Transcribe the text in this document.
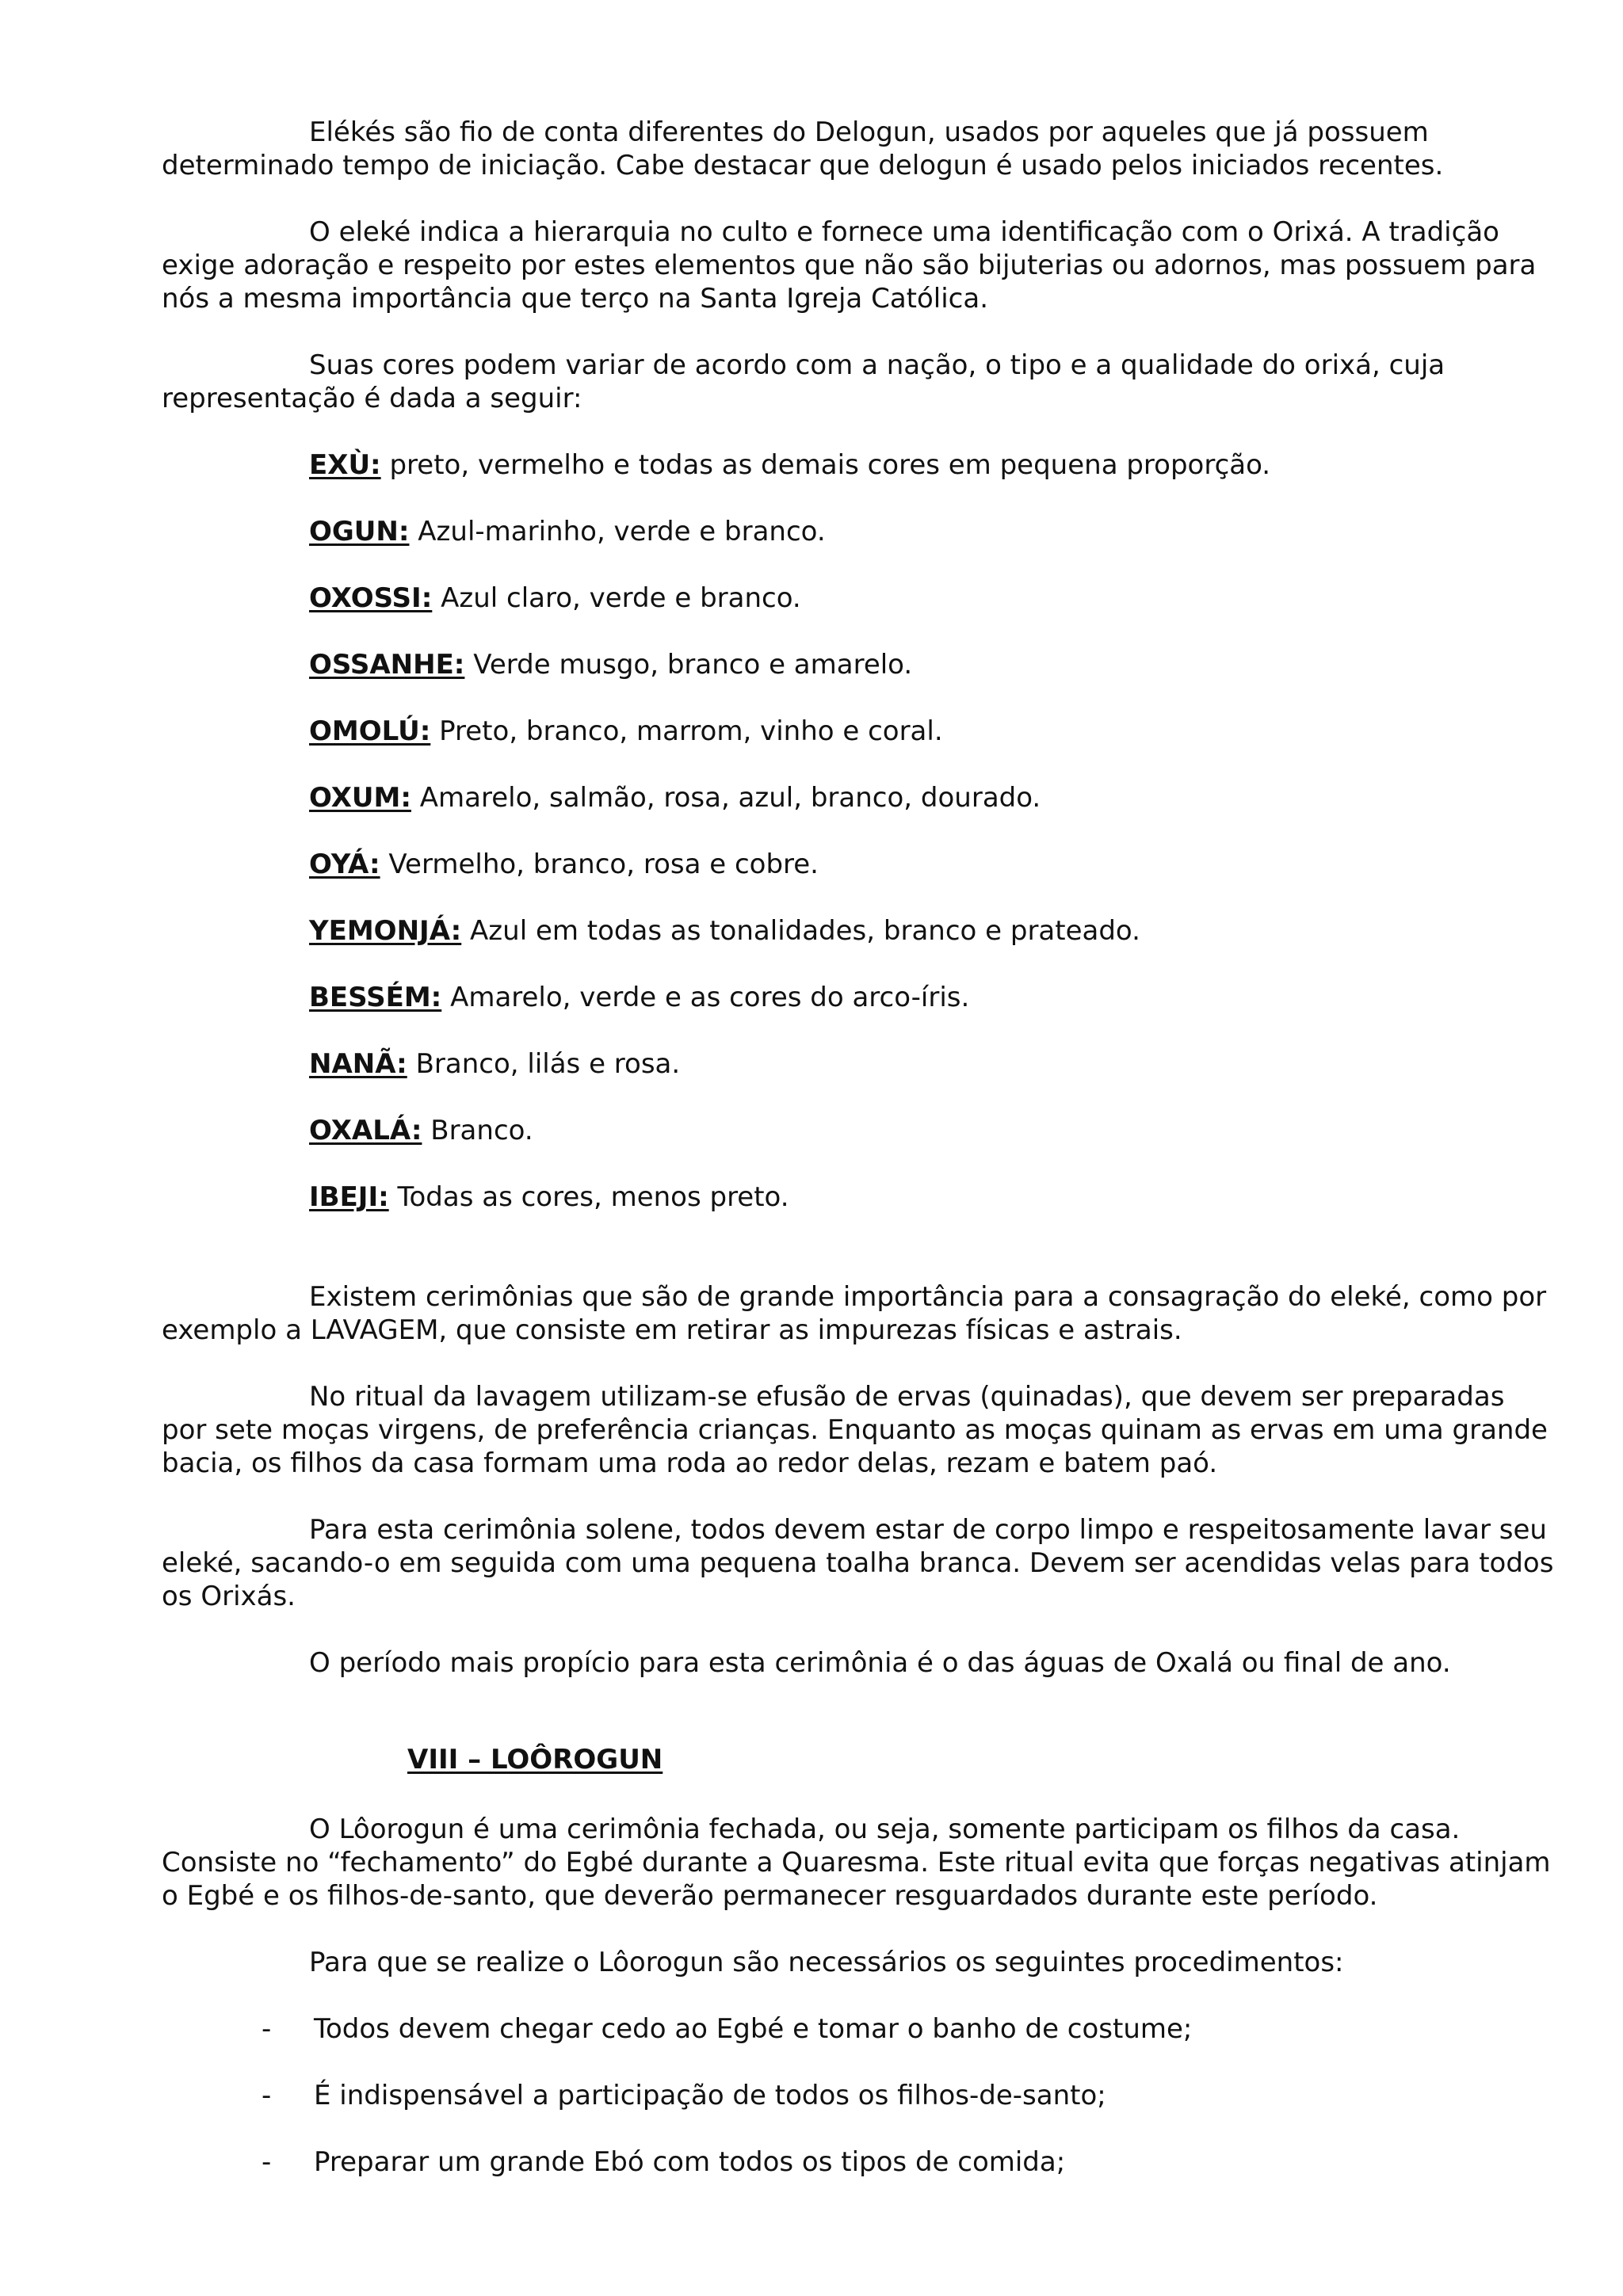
Elékés são fio de conta diferentes do Delogun, usados por aqueles que já possuem determinado tempo de iniciação. Cabe destacar que delogun é usado pelos iniciados recentes.

O eleké indica a hierarquia no culto e fornece uma identificação com o Orixá. A tradição exige adoração e respeito por estes elementos que não são bijuterias ou adornos, mas possuem para nós a mesma importância que terço na Santa Igreja Católica.

Suas cores podem variar de acordo com a nação, o tipo e a qualidade do orixá, cuja representação é dada a seguir:

EXÙ: preto, vermelho e todas as demais cores em pequena proporção.

OGUN: Azul-marinho, verde e branco.

OXOSSI: Azul claro, verde e branco.

OSSANHE: Verde musgo, branco e amarelo.

OMOLÚ: Preto, branco, marrom, vinho e coral.

OXUM: Amarelo, salmão, rosa, azul, branco, dourado.

OYÁ: Vermelho, branco, rosa e cobre.

YEMONJÁ: Azul em todas as tonalidades, branco e prateado.

BESSÉM: Amarelo, verde e as cores do arco-íris.

NANÃ: Branco, lilás e rosa.

OXALÁ: Branco.

IBEJI: Todas as cores, menos preto.

Existem cerimônias que são de grande importância para a consagração do eleké, como por exemplo a LAVAGEM, que consiste em retirar as impurezas físicas e astrais.

No ritual da lavagem utilizam-se efusão de ervas (quinadas), que devem ser preparadas por sete moças virgens, de preferência crianças. Enquanto as moças quinam as ervas em uma grande bacia, os filhos da casa formam uma roda ao redor delas, rezam e batem paó.

Para esta cerimônia solene, todos devem estar de corpo limpo e respeitosamente lavar seu eleké, sacando-o em seguida com uma pequena toalha branca. Devem ser acendidas velas para todos os Orixás.

O período mais propício para esta cerimônia é o das águas de Oxalá ou final de ano.

VIII – LOÔROGUN

O Lôorogun é uma cerimônia fechada, ou seja, somente participam os filhos da casa. Consiste no “fechamento” do Egbé durante a Quaresma. Este ritual evita que forças negativas atinjam o Egbé e os filhos-de-santo, que deverão permanecer resguardados durante este período.

Para que se realize o Lôorogun são necessários os seguintes procedimentos:

- Todos devem chegar cedo ao Egbé e tomar o banho de costume;

- É indispensável a participação de todos os filhos-de-santo;

- Preparar um grande Ebó com todos os tipos de comida;
